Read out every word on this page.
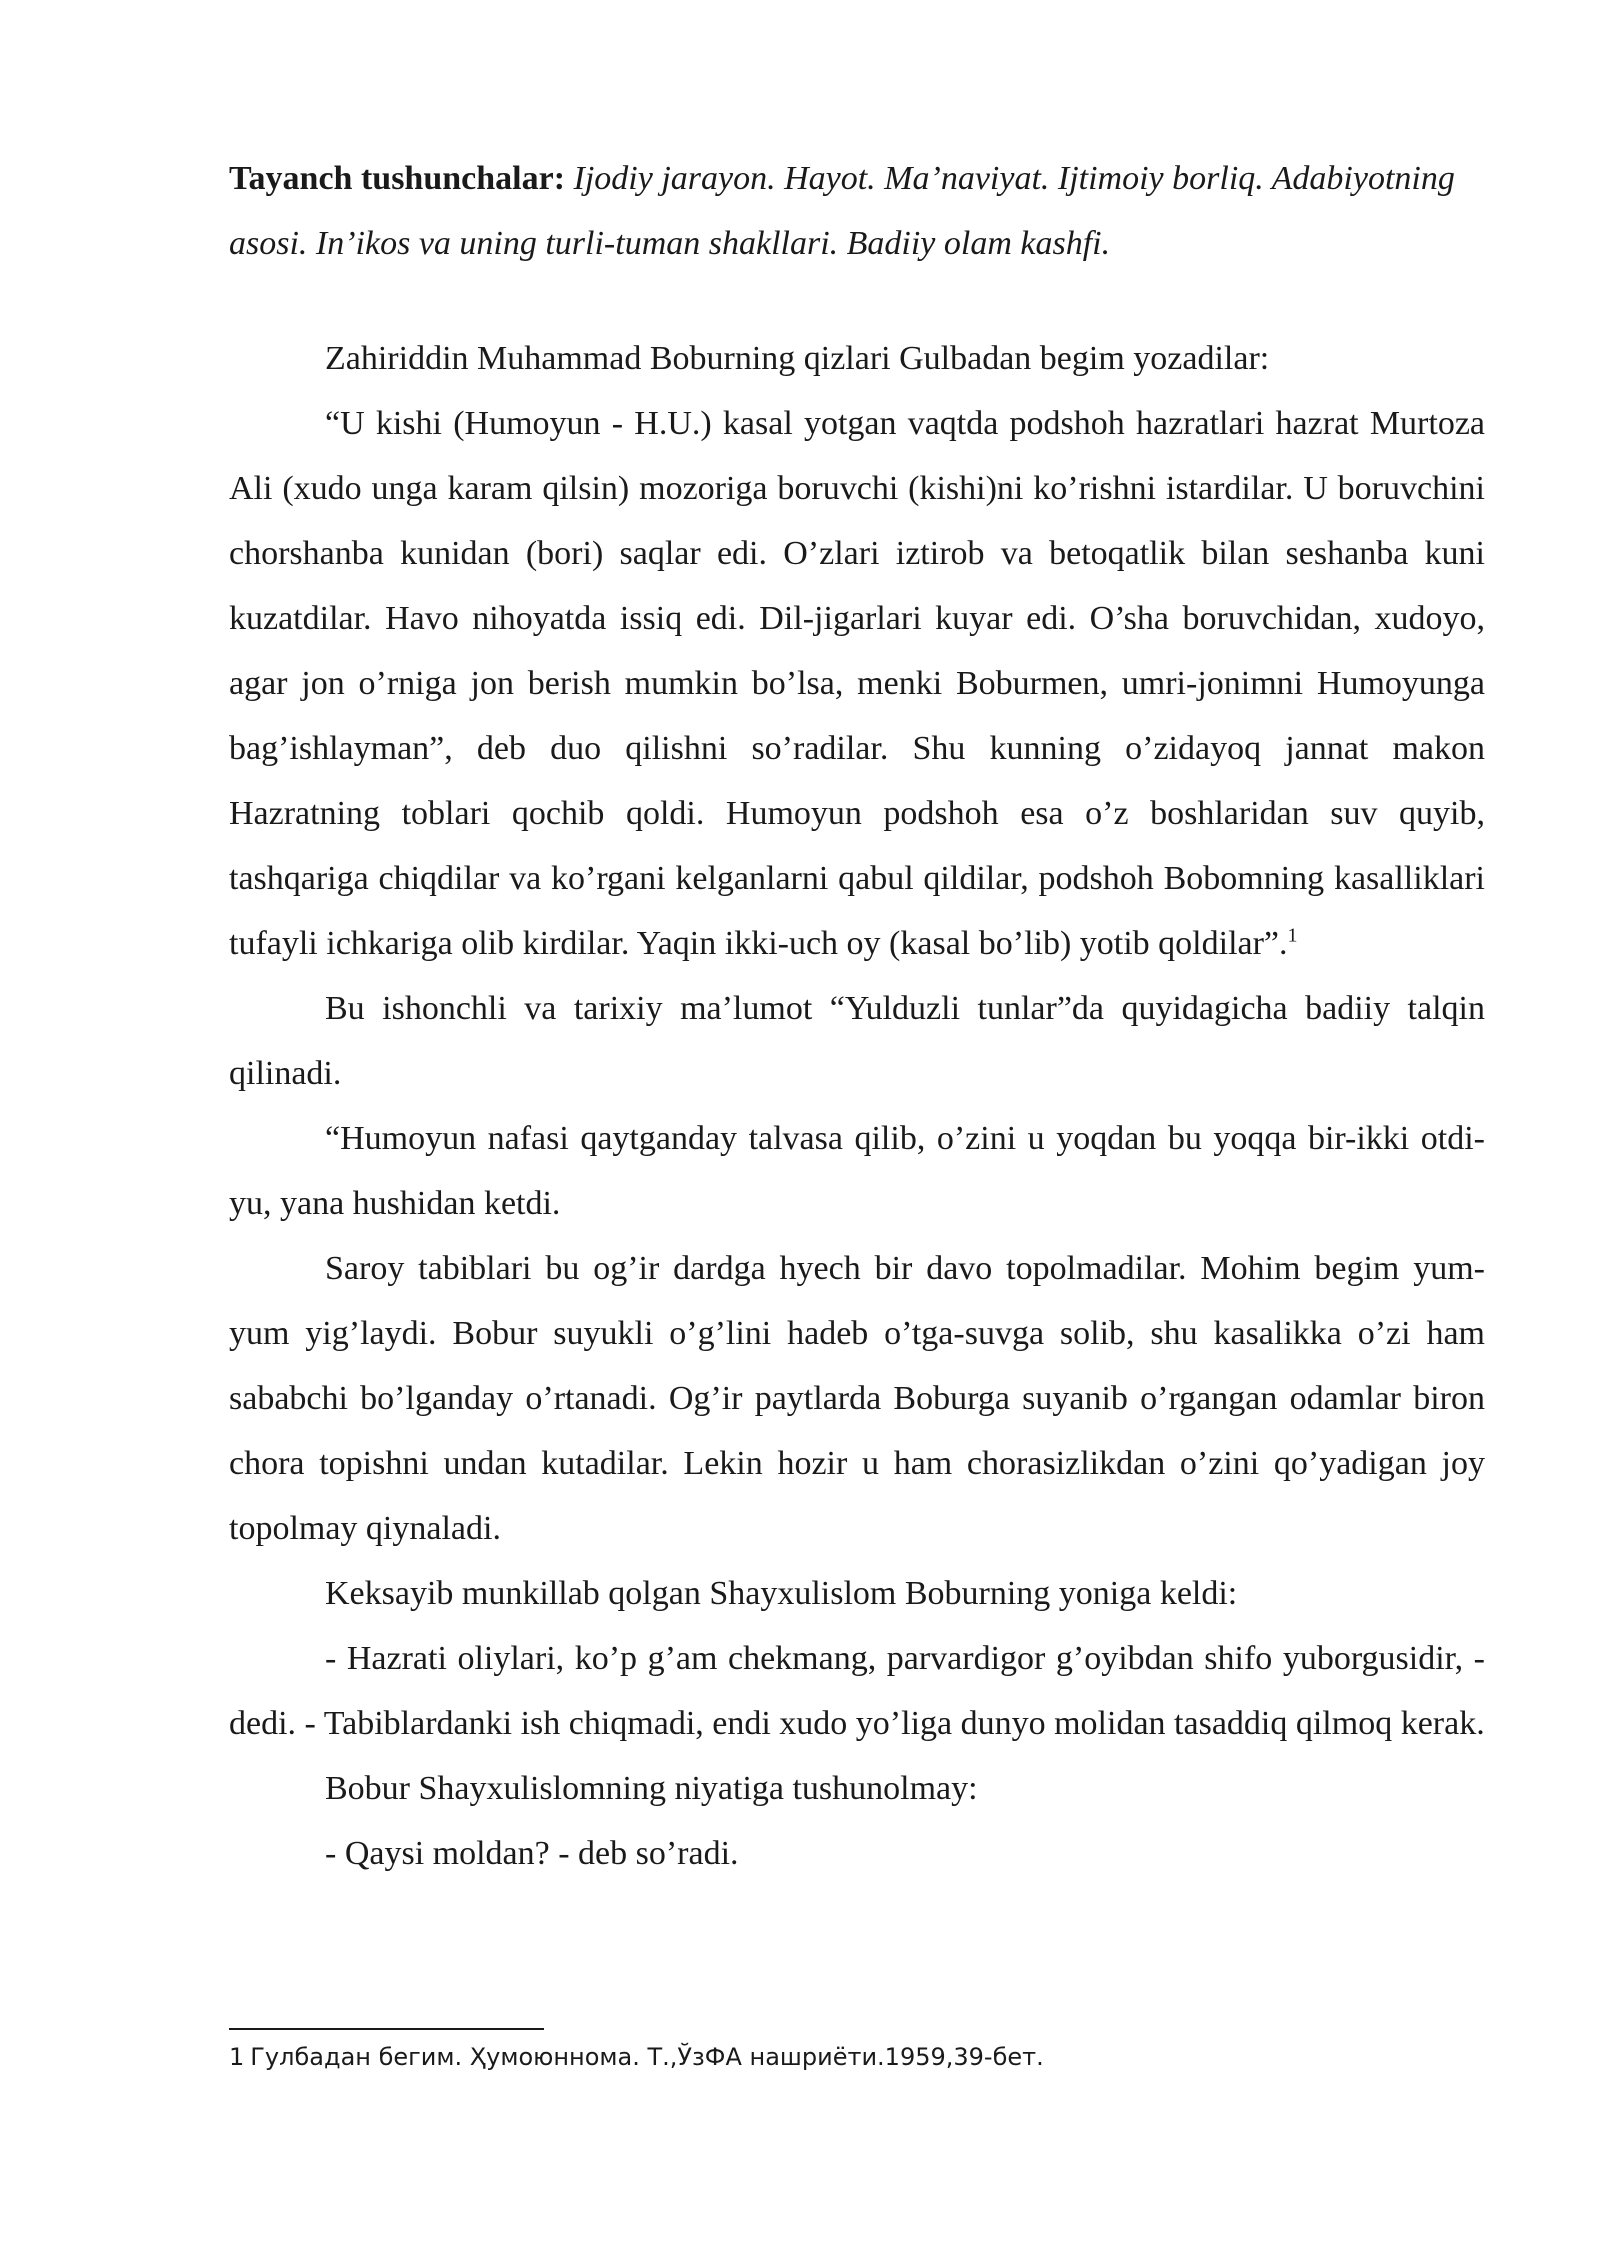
Tayanch tushunchalar: Ijodiy jarayon. Hayot. Ma’naviyat. Ijtimoiy borliq. Adabiyotning asosi. In’ikos va uning turli-tuman shakllari. Badiiy olam kashfi.

Zahiriddin Muhammad Boburning qizlari Gulbadan begim yozadilar:

“U kishi (Humoyun - H.U.) kasal yotgan vaqtda podshoh hazratlari hazrat Murtoza Ali (xudo unga karam qilsin) mozoriga boruvchi (kishi)ni ko’rishni istardilar. U boruvchini chorshanba kunidan (bori) saqlar edi. O’zlari iztirob va betoqatlik bilan seshanba kuni kuzatdilar. Havo nihoyatda issiq edi. Dil-jigarlari kuyar edi. O’sha boruvchidan, xudoyo, agar jon o’rniga jon berish mumkin bo’lsa, menki Boburmen, umri-jonimni Humoyunga bag’ishlayman”, deb duo qilishni so’radilar. Shu kunning o’zidayoq jannat makon Hazratning toblari qochib qoldi. Humoyun podshoh esa o’z boshlaridan suv quyib, tashqariga chiqdilar va ko’rgani kelganlarni qabul qildilar, podshoh Bobomning kasalliklari tufayli ichkariga olib kirdilar. Yaqin ikki-uch oy (kasal bo’lib) yotib qoldilar”.$^1$

Bu ishonchli va tarixiy ma’lumot “Yulduzli tunlar”da quyidagicha badiiy talqin qilinadi.

“Humoyun nafasi qaytganday talvasa qilib, o’zini u yoqdan bu yoqqa bir-ikki otdi-yu, yana hushidan ketdi.

Saroy tabiblari bu og’ir dardga hyech bir davo topolmadilar. Mohim begim yum-yum yig’laydi. Bobur suyukli o’g’lini hadeb o’tga-suvga solib, shu kasalikka o’zi ham sababchi bo’lganday o’rtanadi. Og’ir paytlarda Boburga suyanib o’rgangan odamlar biron chora topishni undan kutadilar. Lekin hozir u ham chorasizlikdan o’zini qo’yadigan joy topolmay qiynaladi.

Keksayib munkillab qolgan Shayxulislom Boburning yoniga keldi:

- Hazrati oliylari, ko’p g’am chekmang, parvardigor g’oyibdan shifo yuborgusidir, - dedi. - Tabiblardanki ish chiqmadi, endi xudo yo’liga dunyo molidan tasaddiq qilmoq kerak.

Bobur Shayxulislomning niyatiga tushunolmay:

- Qaysi moldan? - deb so’radi.

1 Гулбадан бегим. Ҳумоюннома. Т.,ЎзФА нашриёти.1959,39-бет.
